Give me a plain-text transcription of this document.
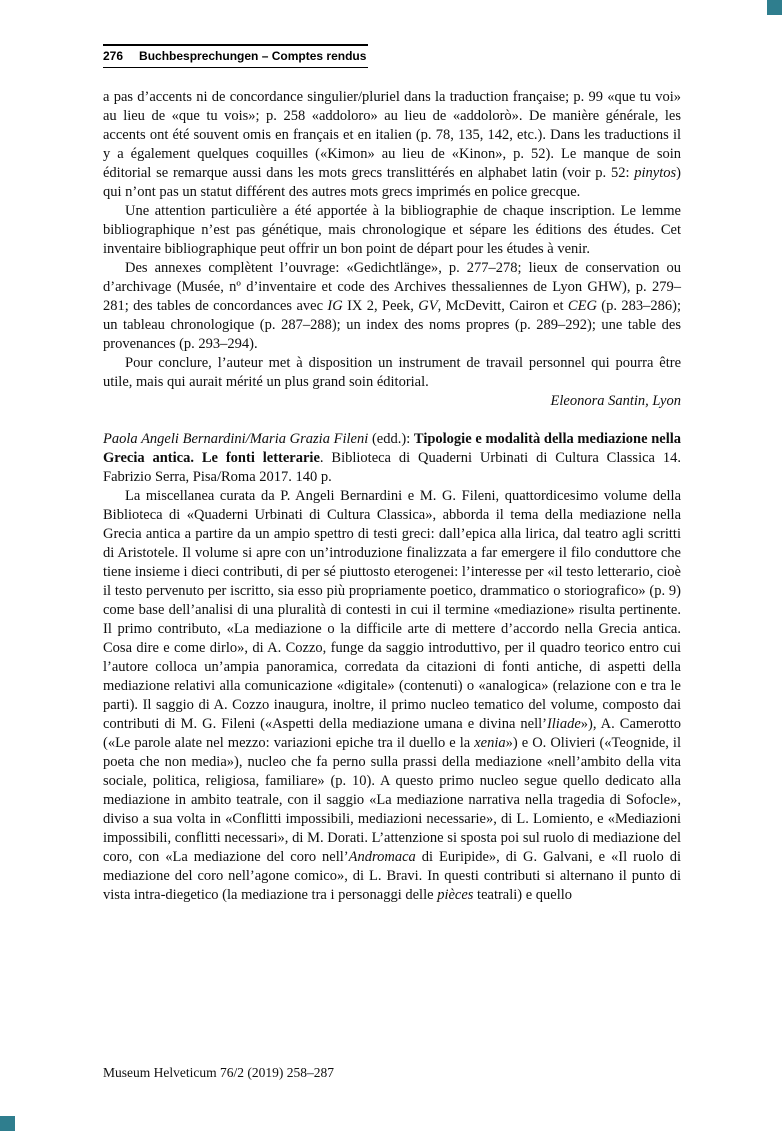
276 Buchbesprechungen – Comptes rendus

a pas d’accents ni de concordance singulier/pluriel dans la traduction française; p. 99 «que tu voi» au lieu de «que tu vois»; p. 258 «addoloro» au lieu de «addolorò». De manière générale, les accents ont été souvent omis en français et en italien (p. 78, 135, 142, etc.). Dans les traductions il y a également quelques coquilles («Kimon» au lieu de «Kinon», p. 52). Le manque de soin éditorial se remarque aussi dans les mots grecs translittérés en alphabet latin (voir p. 52: pinytos) qui n’ont pas un statut différent des autres mots grecs imprimés en police grecque.

Une attention particulière a été apportée à la bibliographie de chaque inscription. Le lemme bibliographique n’est pas génétique, mais chronologique et sépare les éditions des études. Cet inventaire bibliographique peut offrir un bon point de départ pour les études à venir.

Des annexes complètent l’ouvrage: «Gedichtlänge», p. 277–278; lieux de conservation ou d’archivage (Musée, nº d’inventaire et code des Archives thessaliennes de Lyon GHW), p. 279–281; des tables de concordances avec IG IX 2, Peek, GV, McDevitt, Cairon et CEG (p. 283–286); un tableau chronologique (p. 287–288); un index des noms propres (p. 289–292); une table des provenances (p. 293–294).

Pour conclure, l’auteur met à disposition un instrument de travail personnel qui pourra être utile, mais qui aurait mérité un plus grand soin éditorial.

Eleonora Santin, Lyon

Paola Angeli Bernardini/Maria Grazia Fileni (edd.): Tipologie e modalità della mediazione nella Grecia antica. Le fonti letterarie. Biblioteca di Quaderni Urbinati di Cultura Classica 14. Fabrizio Serra, Pisa/Roma 2017. 140 p.

La miscellanea curata da P. Angeli Bernardini e M. G. Fileni, quattordicesimo volume della Biblioteca di «Quaderni Urbinati di Cultura Classica», abborda il tema della mediazione nella Grecia antica a partire da un ampio spettro di testi greci: dall’epica alla lirica, dal teatro agli scritti di Aristotele. Il volume si apre con un’introduzione finalizzata a far emergere il filo conduttore che tiene insieme i dieci contributi, di per sé piuttosto eterogenei: l’interesse per «il testo letterario, cioè il testo pervenuto per iscritto, sia esso più propriamente poetico, drammatico o storiografico» (p. 9) come base dell’analisi di una pluralità di contesti in cui il termine «mediazione» risulta pertinente. Il primo contributo, «La mediazione o la difficile arte di mettere d’accordo nella Grecia antica. Cosa dire e come dirlo», di A. Cozzo, funge da saggio introduttivo, per il quadro teorico entro cui l’autore colloca un’ampia panoramica, corredata da citazioni di fonti antiche, di aspetti della mediazione relativi alla comunicazione «digitale» (contenuti) o «analogica» (relazione con e tra le parti). Il saggio di A. Cozzo inaugura, inoltre, il primo nucleo tematico del volume, composto dai contributi di M. G. Fileni («Aspetti della mediazione umana e divina nell’Iliade»), A. Camerotto («Le parole alate nel mezzo: variazioni epiche tra il duello e la xenia») e O. Olivieri («Teognide, il poeta che non media»), nucleo che fa perno sulla prassi della mediazione «nell’ambito della vita sociale, politica, religiosa, familiare» (p. 10). A questo primo nucleo segue quello dedicato alla mediazione in ambito teatrale, con il saggio «La mediazione narrativa nella tragedia di Sofocle», diviso a sua volta in «Conflitti impossibili, mediazioni necessarie», di L. Lomiento, e «Mediazioni impossibili, conflitti necessari», di M. Dorati. L’attenzione si sposta poi sul ruolo di mediazione del coro, con «La mediazione del coro nell’Andromaca di Euripide», di G. Galvani, e «Il ruolo di mediazione del coro nell’agone comico», di L. Bravi. In questi contributi si alternano il punto di vista intra-diegetico (la mediazione tra i personaggi delle pièces teatrali) e quello

Museum Helveticum 76/2 (2019) 258–287
